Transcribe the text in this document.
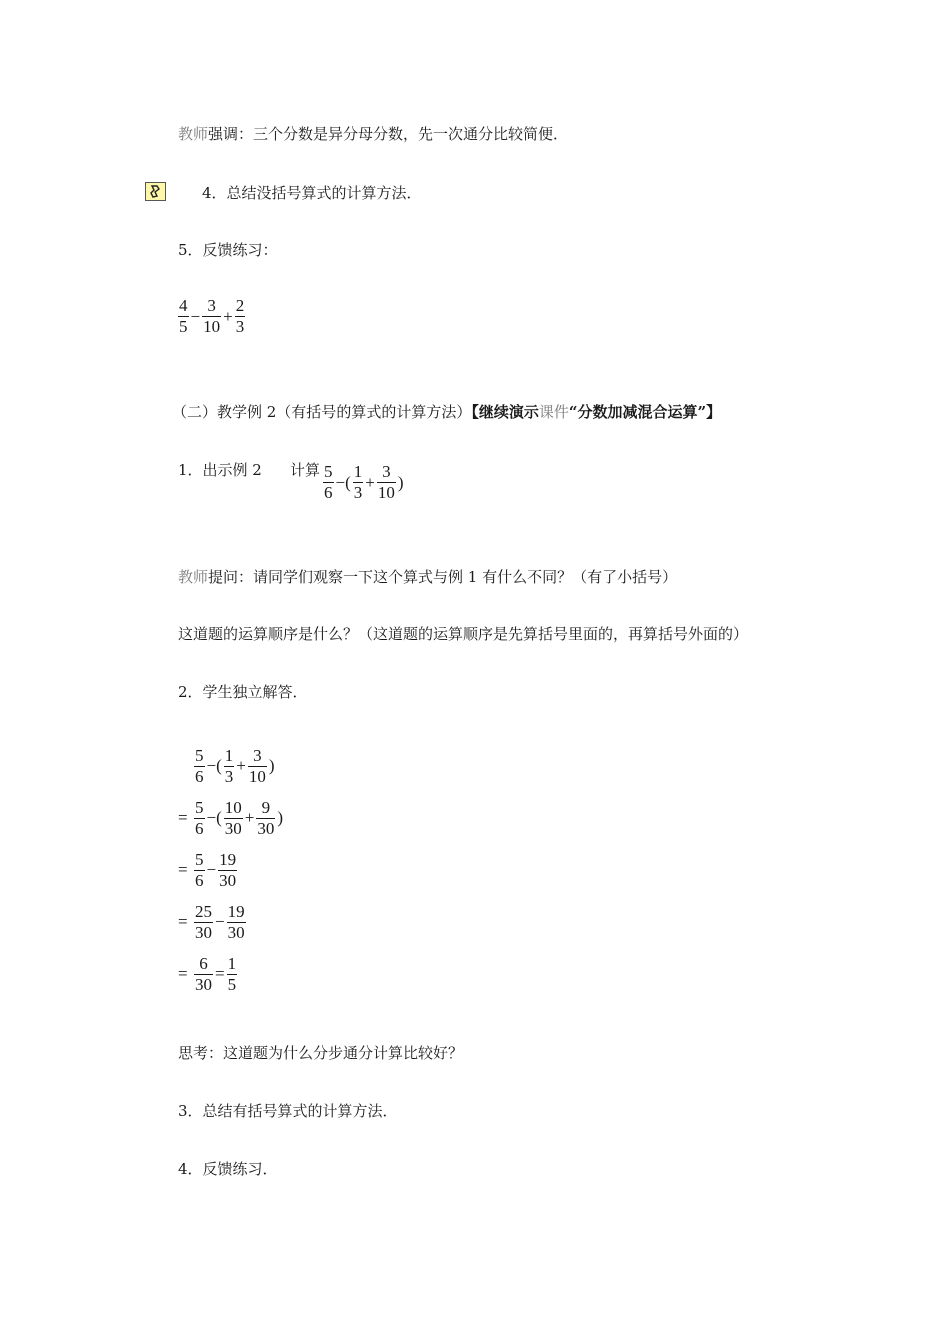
教师强调：三个分数是异分母分数，先一次通分比较简便．
4．总结没括号算式的计算方法．
5．反馈练习：
$\frac{4}{5} - \frac{3}{10} + \frac{2}{3}$
（二）教学例 2（有括号的算式的计算方法）【继续演示课件“分数加减混合运算”】
1．出示例 2 计算 $\frac{5}{6}$ −( $\frac{1}{3} + \frac{3}{10}$ )
教师提问：请同学们观察一下这个算式与例 1 有什么不同？（有了小括号）
这道题的运算顺序是什么？（这道题的运算顺序是先算括号里面的，再算括号外面的）
2．学生独立解答．
$\frac{5}{6}$ −( $\frac{1}{3} + \frac{3}{10}$ )
= $\frac{5}{6}$ −( $\frac{10}{30} + \frac{9}{30}$ )
= $\frac{5}{6} - \frac{19}{30}$
= $\frac{25}{30} - \frac{19}{30}$
= $\frac{6}{30} = \frac{1}{5}$
思考：这道题为什么分步通分计算比较好？
3．总结有括号算式的计算方法．
4．反馈练习．
